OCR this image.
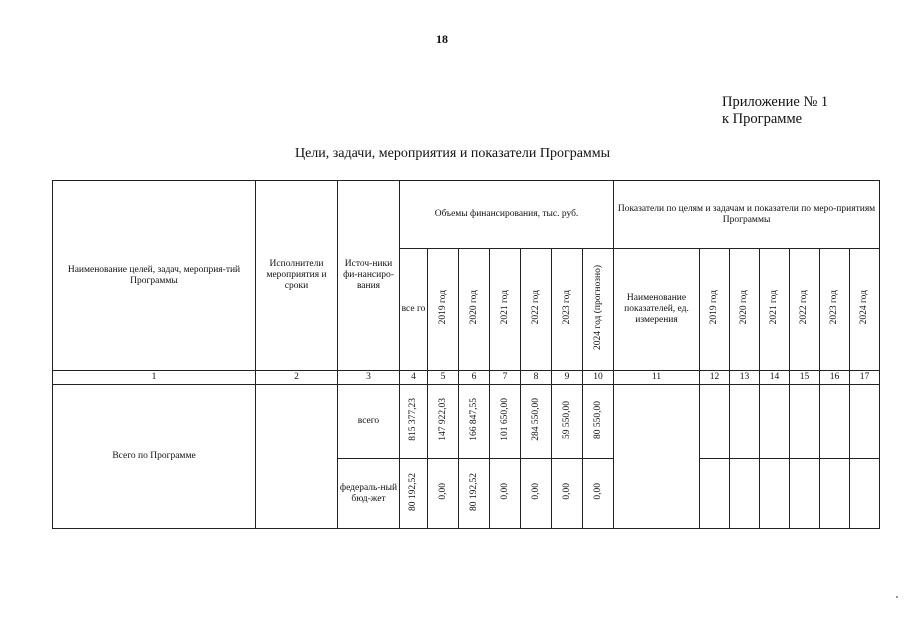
18
Приложение № 1
к Программе
Цели, задачи, мероприятия и показатели Программы
Наименование целей, задач, мероприя-тий Программы	Исполнители мероприятия и сроки	Источ-ники фи-нансиро-вания	Объемы финансирования, тыс. руб.							Показатели по целям и задачам и показатели по меро-приятиям Программы						
			все го	2019 год	2020 год	2021 год	2022 год	2023 год	2024 год (прогнозно)	Наименование показателей, ед. измерения	2019 год	2020 год	2021 год	2022 год	2023 год	2024 год
1	2	3	4	5	6	7	8	9	10	11	12	13	14	15	16	17
Всего по Программе		всего	815 377,23	147 922,03	166 847,55	101 650,00	284 550,00	59 550,00	80 550,00							
		федераль-ный бюд-жет	80 192,52	0,00	80 192,52	0,00	0,00	0,00	0,00							
